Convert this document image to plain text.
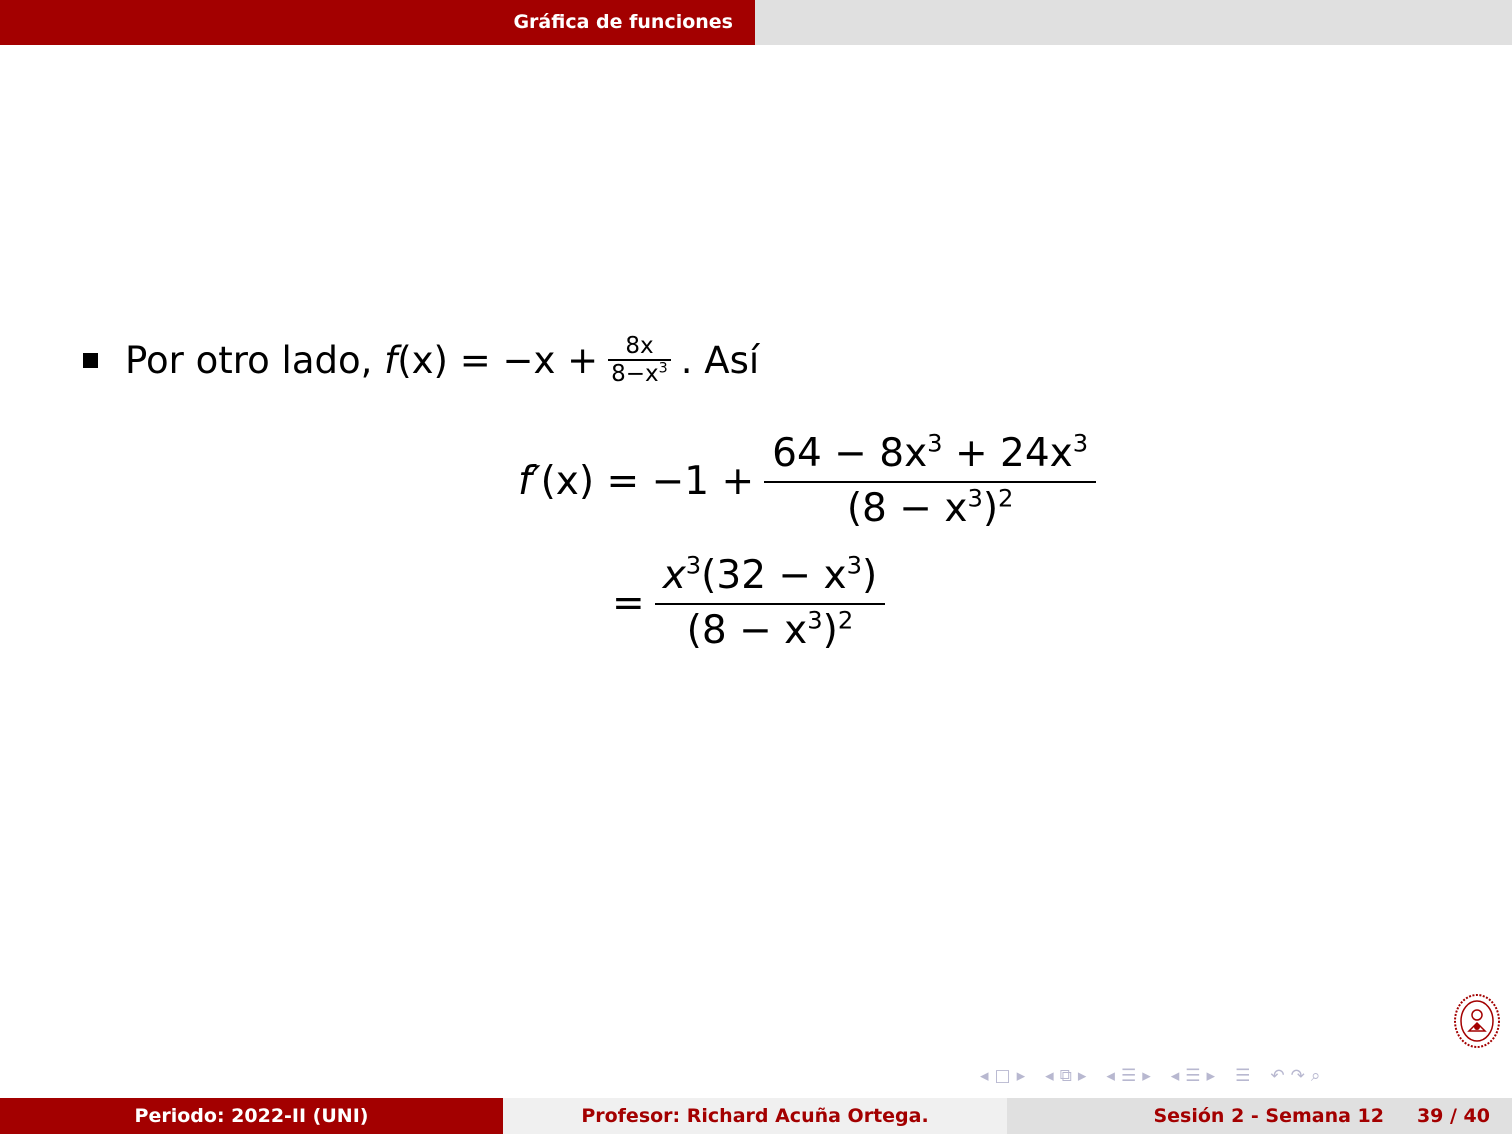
Gráfica de funciones
Por otro lado,
f $(x) = -x + \frac{8x}{8-x^3}$ . Así
f′ $(x) = -1 + \frac{64 - 8x^3 + 24x^3}{(8 - x^3)^2}$
= $\frac{x^3(32 - x^3)}{(8 - x^3)^2}$
◂ □ ▸ ◂ ⧉ ▸ ◂ ☰ ▸ ◂ ☰ ▸ ☰ ↶ ↷ ⌕
Periodo: 2022-II (UNI)	Profesor: Richard Acuña Ortega.	Sesión 2 - Semana 12 39 / 40
